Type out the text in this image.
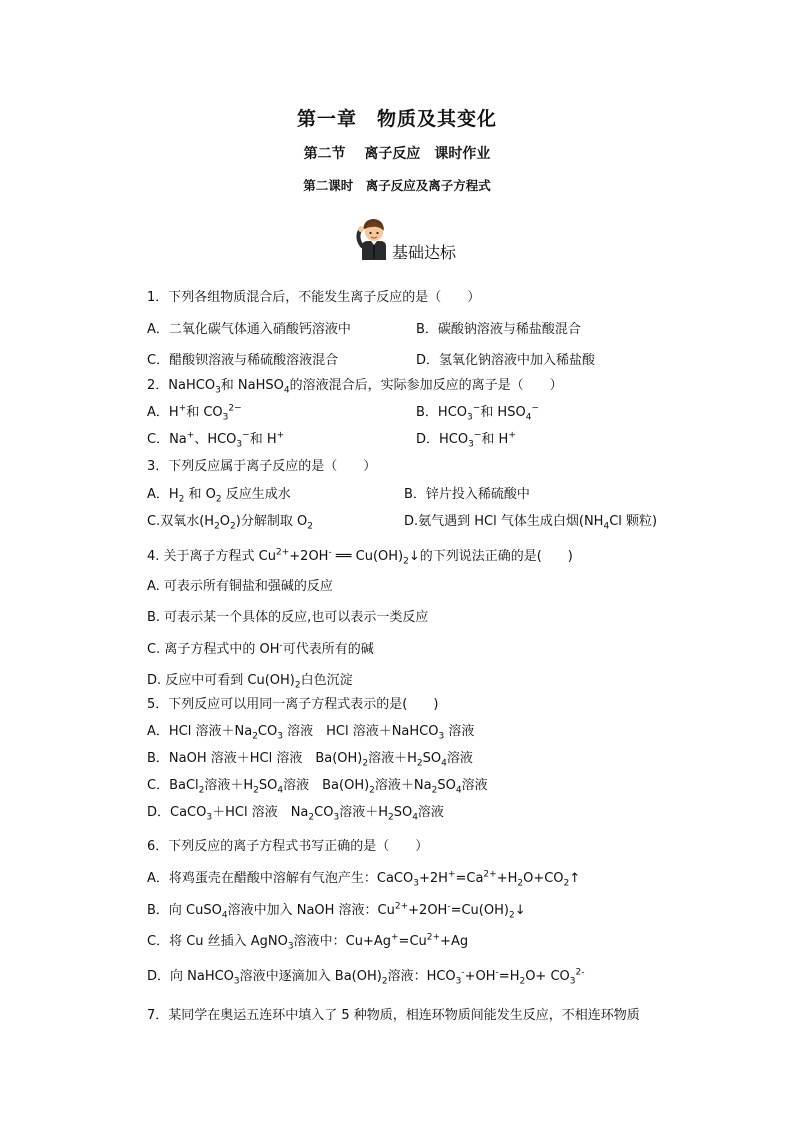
第一章　物质及其变化
第二节　 离子反应　课时作业
第二课时　离子反应及离子方程式
基础达标
1．下列各组物质混合后，不能发生离子反应的是（　　）
A．二氧化碳气体通入硝酸钙溶液中	B．碳酸钠溶液与稀盐酸混合
C．醋酸钡溶液与稀硫酸溶液混合	D．氢氧化钠溶液中加入稀盐酸
2．NaHCO$_3$和 NaHSO$_4$的溶液混合后，实际参加反应的离子是（　　）
A．H+和 $CO_3^{2-}$	B．$HCO_3^-$和 $HSO_4^-$
C．Na+、$HCO_3^-$和 H+	D．$HCO_3^-$和 H+
3．下列反应属于离子反应的是（　　）
A．$H_2$ 和 $O_2$ 反应生成水	B．锌片投入稀硫酸中
C.双氧水$(H_2O_2)$分解制取 $O_2$	D.氨气遇到 HCl 气体生成白烟($NH_4Cl$ 颗粒)
4. 关于离子方程式 $Cu^{2+}+2OH^-$ ══ $Cu(OH)_2↓$的下列说法正确的是(　　)
A. 可表示所有铜盐和强碱的反应
B. 可表示某一个具体的反应,也可以表示一类反应
C. 离子方程式中的 OH-可代表所有的碱
D. 反应中可看到 $Cu(OH)_2$白色沉淀
5．下列反应可以用同一离子方程式表示的是(　　)
A．HCl 溶液$+Na_2CO_3$ 溶液　HCl 溶液＋NaHCO$_3$ 溶液
B．NaOH 溶液＋HCl 溶液　$Ba(OH)_2$溶液$+H_2SO_4$溶液
C．BaCl$_2$溶液$+H_2SO_4$溶液　$Ba(OH)_2$溶液$+Na_2SO_4$溶液
D．CaCO$_3$＋HCl 溶液　$Na_2CO_3$溶液$+H_2SO_4$溶液
6．下列反应的离子方程式书写正确的是（　　）
A．将鸡蛋壳在醋酸中溶解有气泡产生：$CaCO_3+2H^+=Ca^{2+}+H_2O+CO_2↑$
B．向 CuSO$_4$溶液中加入 NaOH 溶液：$Cu^{2+}+2OH^-=Cu(OH)_2↓$
C．将 Cu 丝插入 AgNO$_3$溶液中：$Cu+Ag^+=Cu^{2+}+Ag$
D．向 NaHCO$_3$溶液中逐滴加入 $Ba(OH)_2$溶液：$HCO_3^-+OH^-=H_2O+ CO_3^{2-}$
7．某同学在奥运五连环中填入了 5 种物质，相连环物质间能发生反应，不相连环物质
